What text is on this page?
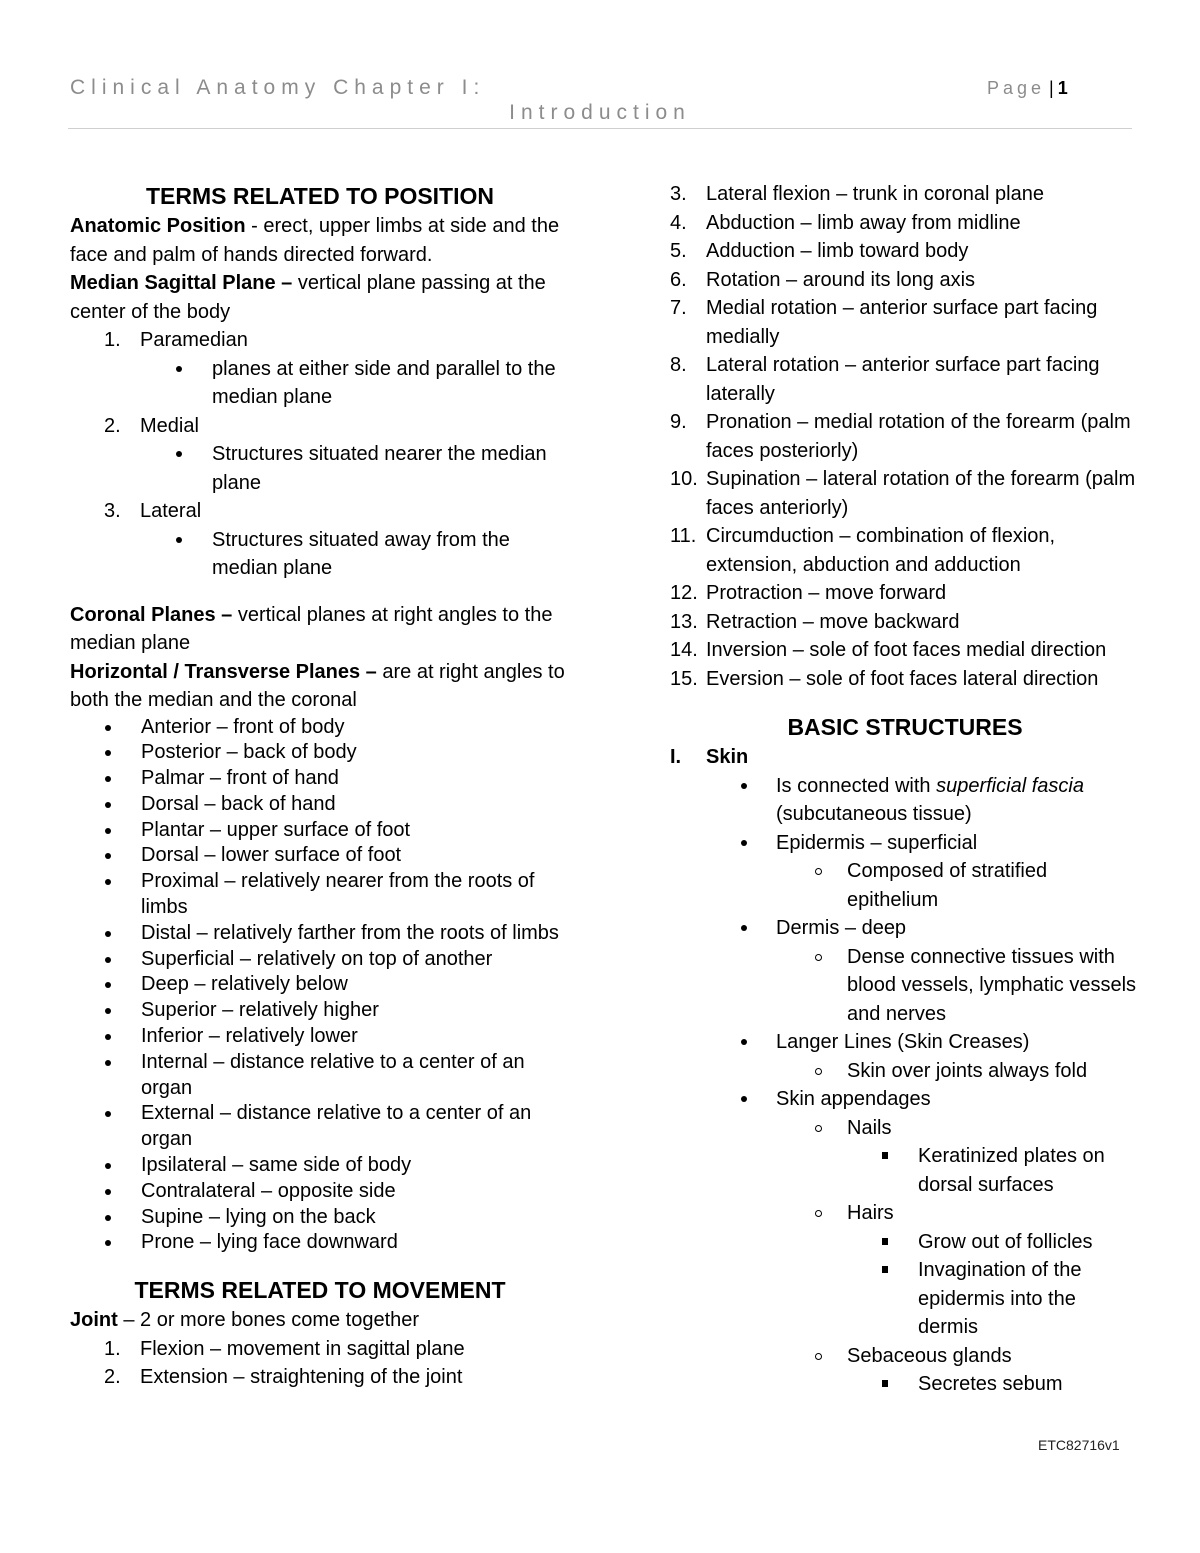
Clinical Anatomy Chapter I:
Introduction
Page | 1
TERMS RELATED TO POSITION

Anatomic Position - erect, upper limbs at side and the face and palm of hands directed forward.

Median Sagittal Plane – vertical plane passing at the center of the body

1. Paramedian

planes at either side and parallel to the median plane

2. Medial

Structures situated nearer the median plane

3. Lateral

Structures situated away from the median plane

Coronal Planes – vertical planes at right angles to the median plane

Horizontal / Transverse Planes – are at right angles to both the median and the coronal

Anterior – front of body

Posterior – back of body

Palmar – front of hand

Dorsal – back of hand

Plantar – upper surface of foot

Dorsal – lower surface of foot

Proximal – relatively nearer from the roots of limbs

Distal – relatively farther from the roots of limbs

Superficial – relatively on top of another

Deep – relatively below

Superior – relatively higher

Inferior – relatively lower

Internal – distance relative to a center of an organ

External – distance relative to a center of an organ

Ipsilateral – same side of body

Contralateral – opposite side

Supine – lying on the back

Prone – lying face downward

TERMS RELATED TO MOVEMENT

Joint – 2 or more bones come together

1. Flexion – movement in sagittal plane

2. Extension – straightening of the joint

3. Lateral flexion – trunk in coronal plane

4. Abduction – limb away from midline

5. Adduction – limb toward body

6. Rotation – around its long axis

7. Medial rotation – anterior surface part facing medially

8. Lateral rotation – anterior surface part facing laterally

9. Pronation – medial rotation of the forearm (palm faces posteriorly)

10. Supination – lateral rotation of the forearm (palm faces anteriorly)

11. Circumduction – combination of flexion, extension, abduction and adduction

12. Protraction – move forward

13. Retraction – move backward

14. Inversion – sole of foot faces medial direction

15. Eversion – sole of foot faces lateral direction

BASIC STRUCTURES

I. Skin

Is connected with superficial fascia (subcutaneous tissue)

Epidermis – superficial

Composed of stratified epithelium

Dermis – deep

Dense connective tissues with blood vessels, lymphatic vessels and nerves

Langer Lines (Skin Creases)

Skin over joints always fold

Skin appendages

Nails

Keratinized plates on dorsal surfaces

Hairs

Grow out of follicles

Invagination of the epidermis into the dermis

Sebaceous glands

Secretes sebum

ETC82716v1
